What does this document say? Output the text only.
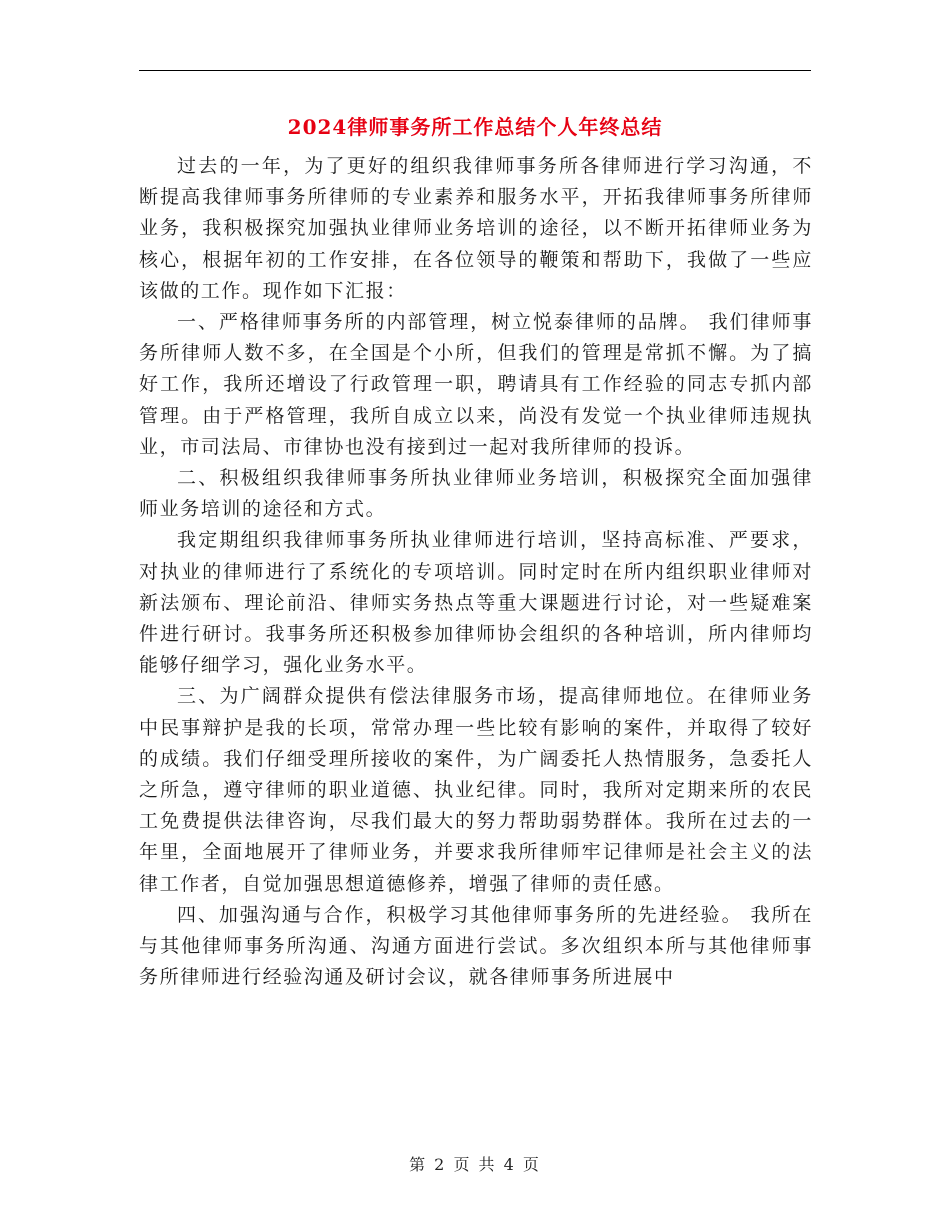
2024律师事务所工作总结个人年终总结

过去的一年，为了更好的组织我律师事务所各律师进行学习沟通，不断提高我律师事务所律师的专业素养和服务水平，开拓我律师事务所律师业务，我积极探究加强执业律师业务培训的途径，以不断开拓律师业务为核心，根据年初的工作安排，在各位领导的鞭策和帮助下，我做了一些应该做的工作。现作如下汇报：

一、严格律师事务所的内部管理，树立悦泰律师的品牌。 我们律师事务所律师人数不多，在全国是个小所，但我们的管理是常抓不懈。为了搞好工作，我所还增设了行政管理一职，聘请具有工作经验的同志专抓内部管理。由于严格管理，我所自成立以来，尚没有发觉一个执业律师违规执业，市司法局、市律协也没有接到过一起对我所律师的投诉。

二、积极组织我律师事务所执业律师业务培训，积极探究全面加强律师业务培训的途径和方式。

我定期组织我律师事务所执业律师进行培训，坚持高标准、严要求，对执业的律师进行了系统化的专项培训。同时定时在所内组织职业律师对新法颁布、理论前沿、律师实务热点等重大课题进行讨论，对一些疑难案件进行研讨。我事务所还积极参加律师协会组织的各种培训，所内律师均能够仔细学习，强化业务水平。

三、为广阔群众提供有偿法律服务市场，提高律师地位。在律师业务中民事辩护是我的长项，常常办理一些比较有影响的案件，并取得了较好的成绩。我们仔细受理所接收的案件，为广阔委托人热情服务，急委托人之所急，遵守律师的职业道德、执业纪律。同时，我所对定期来所的农民工免费提供法律咨询，尽我们最大的努力帮助弱势群体。我所在过去的一年里，全面地展开了律师业务，并要求我所律师牢记律师是社会主义的法律工作者，自觉加强思想道德修养，增强了律师的责任感。

四、加强沟通与合作，积极学习其他律师事务所的先进经验。 我所在与其他律师事务所沟通、沟通方面进行尝试。多次组织本所与其他律师事务所律师进行经验沟通及研讨会议，就各律师事务所进展中

第 2 页 共 4 页
